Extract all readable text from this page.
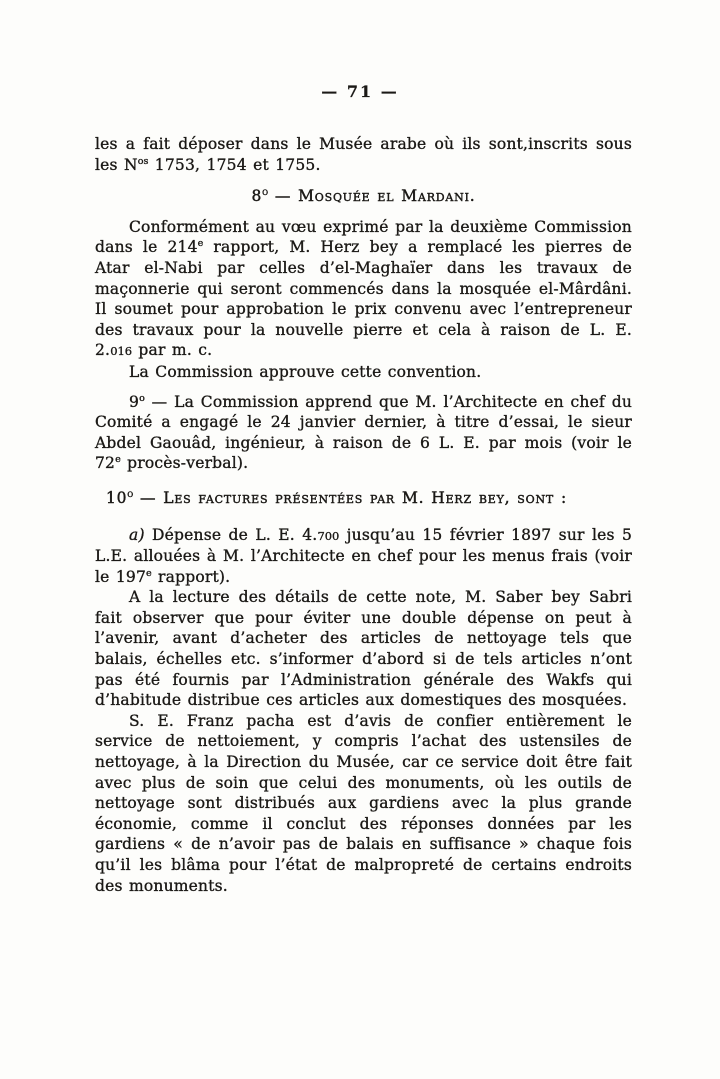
— 71 —

les a fait déposer dans le Musée arabe où ils sont,inscrits sous les $N^{os}$ 1753, 1754 et 1755.

8$^o$ — Mosquée el Mardani.

Conformément au vœu exprimé par la deuxième Commission dans le 214e rapport, M. Herz bey a remplacé les pierres de Atar el-Nabi par celles d’el-Maghaïer dans les travaux de maçonnerie qui seront commencés dans la mosquée el-Mârdâni. Il soumet pour approbation le prix convenu avec l’entrepreneur des travaux pour la nouvelle pierre et cela à raison de L. E. 2.016 par m. c.

La Commission approuve cette convention.

9$^o$ — La Commission apprend que M. l’Architecte en chef du Comité a engagé le 24 janvier dernier, à titre d’essai, le sieur Abdel Gaouâd, ingénieur, à raison de 6 L. E. par mois (voir le 72e procès-verbal).

10$^o$ — Les factures présentées par M. Herz bey, sont :

a) Dépense de L. E. 4.700 jusqu’au 15 février 1897 sur les 5 L.E. allouées à M. l’Architecte en chef pour les menus frais (voir le 197e rapport).

A la lecture des détails de cette note, M. Saber bey Sabri fait observer que pour éviter une double dépense on peut à l’avenir, avant d’acheter des articles de nettoyage tels que balais, échelles etc. s’informer d’abord si de tels articles n’ont pas été fournis par l’Administration générale des Wakfs qui d’habitude distribue ces articles aux domestiques des mosquées.

S. E. Franz pacha est d’avis de confier entièrement le service de nettoiement, y compris l’achat des ustensiles de nettoyage, à la Direction du Musée, car ce service doit être fait avec plus de soin que celui des monuments, où les outils de nettoyage sont distribués aux gardiens avec la plus grande économie, comme il conclut des réponses données par les gardiens « de n’avoir pas de balais en suffisance » chaque fois qu’il les blâma pour l’état de malpropreté de certains endroits des monuments.
